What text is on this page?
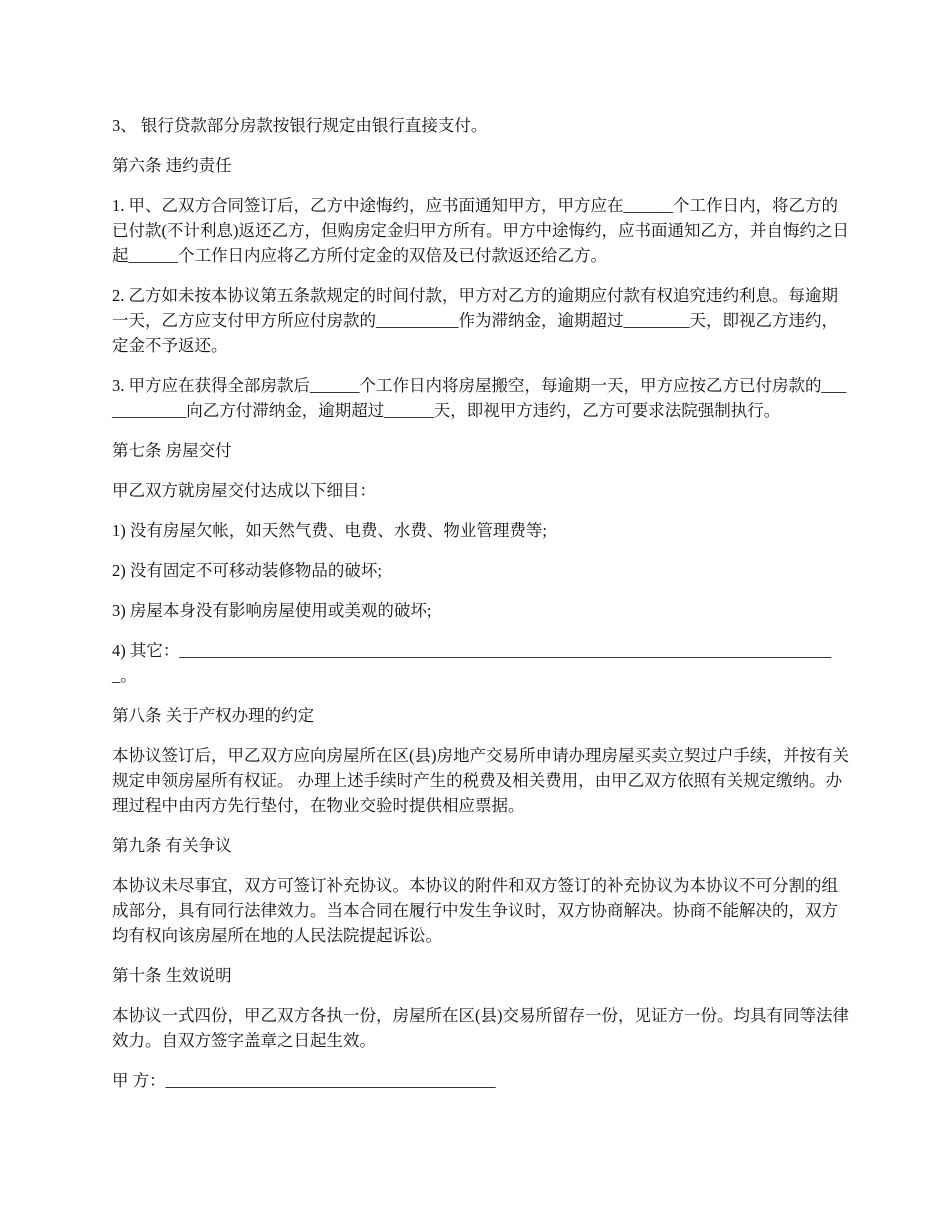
3、 银行贷款部分房款按银行规定由银行直接支付。

第六条 违约责任

1. 甲、乙双方合同签订后，乙方中途悔约，应书面通知甲方，甲方应在______个工作日内，将乙方的已付款(不计利息)返还乙方，但购房定金归甲方所有。甲方中途悔约，应书面通知乙方，并自悔约之日起______个工作日内应将乙方所付定金的双倍及已付款返还给乙方。

2. 乙方如未按本协议第五条款规定的时间付款，甲方对乙方的逾期应付款有权追究违约利息。每逾期一天，乙方应支付甲方所应付房款的__________作为滞纳金，逾期超过________天，即视乙方违约，定金不予返还。

3. 甲方应在获得全部房款后______个工作日内将房屋搬空，每逾期一天，甲方应按乙方已付房款的____________向乙方付滞纳金，逾期超过______天，即视甲方违约，乙方可要求法院强制执行。

第七条 房屋交付

甲乙双方就房屋交付达成以下细目：

1) 没有房屋欠帐，如天然气费、电费、水费、物业管理费等;

2) 没有固定不可移动装修物品的破坏;

3) 房屋本身没有影响房屋使用或美观的破坏;

4) 其它：________________________________________________________________________________。

第八条 关于产权办理的约定

本协议签订后，甲乙双方应向房屋所在区(县)房地产交易所申请办理房屋买卖立契过户手续，并按有关规定申领房屋所有权证。 办理上述手续时产生的税费及相关费用，由甲乙双方依照有关规定缴纳。办理过程中由丙方先行垫付，在物业交验时提供相应票据。

第九条 有关争议

本协议未尽事宜，双方可签订补充协议。本协议的附件和双方签订的补充协议为本协议不可分割的组成部分，具有同行法律效力。当本合同在履行中发生争议时，双方协商解决。协商不能解决的，双方均有权向该房屋所在地的人民法院提起诉讼。

第十条 生效说明

本协议一式四份，甲乙双方各执一份，房屋所在区(县)交易所留存一份，见证方一份。均具有同等法律效力。自双方签字盖章之日起生效。

甲 方：________________________________________
